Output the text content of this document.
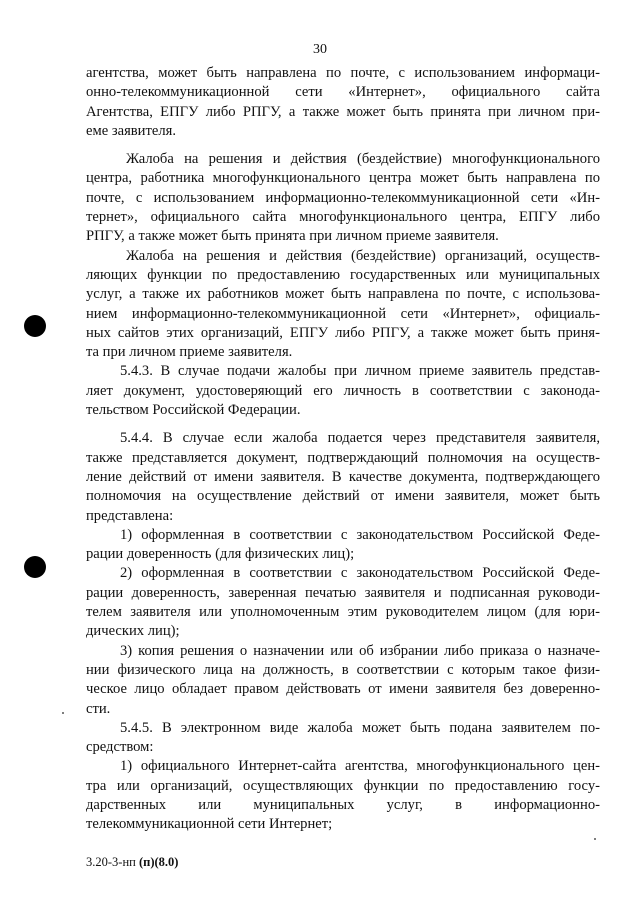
30
агентства, может быть направлена по почте, с использованием информаци-
онно-телекоммуникационной сети «Интернет», официального сайта
Агентства, ЕПГУ либо РПГУ, а также может быть принята при личном при-
еме заявителя.
Жалоба на решения и действия (бездействие) многофункционального
центра, работника многофункционального центра может быть направлена по
почте, с использованием информационно-телекоммуникационной сети «Ин-
тернет», официального сайта многофункционального центра, ЕПГУ либо
РПГУ, а также может быть принята при личном приеме заявителя.
Жалоба на решения и действия (бездействие) организаций, осуществ-
ляющих функции по предоставлению государственных или муниципальных
услуг, а также их работников может быть направлена по почте, с использова-
нием информационно-телекоммуникационной сети «Интернет», официаль-
ных сайтов этих организаций, ЕПГУ либо РПГУ, а также может быть приня-
та при личном приеме заявителя.
5.4.3. В случае подачи жалобы при личном приеме заявитель представ-
ляет документ, удостоверяющий его личность в соответствии с законода-
тельством Российской Федерации.
5.4.4. В случае если жалоба подается через представителя заявителя,
также представляется документ, подтверждающий полномочия на осуществ-
ление действий от имени заявителя. В качестве документа, подтверждающего
полномочия на осуществление действий от имени заявителя, может быть
представлена:
1) оформленная в соответствии с законодательством Российской Феде-
рации доверенность (для физических лиц);
2) оформленная в соответствии с законодательством Российской Феде-
рации доверенность, заверенная печатью заявителя и подписанная руководи-
телем заявителя или уполномоченным этим руководителем лицом (для юри-
дических лиц);
3) копия решения о назначении или об избрании либо приказа о назначе-
нии физического лица на должность, в соответствии с которым такое физи-
ческое лицо обладает правом действовать от имени заявителя без доверенно-
сти.
5.4.5. В электронном виде жалоба может быть подана заявителем по-
средством:
1) официального Интернет-сайта агентства, многофункционального цен-
тра или организаций, осуществляющих функции по предоставлению госу-
дарственных или муниципальных услуг, в информационно-
телекоммуникационной сети Интернет;
3.20-3-нп (п)(8.0)
